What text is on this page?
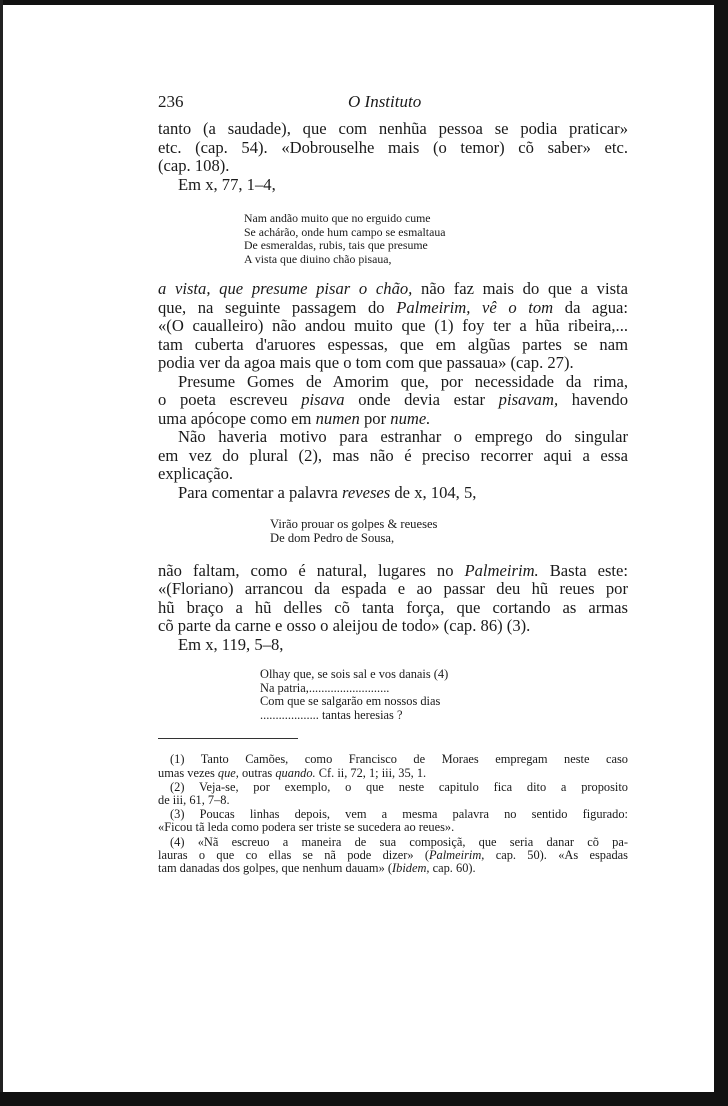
236	O Instituto

tanto (a saudade), que com nenhũa pessoa se podia praticar»

etc. (cap. 54). «Dobrouselhe mais (o temor) cõ saber» etc.

(cap. 108).

Em x, 77, 1–4,

Nam andão muito que no erguido cume
Se achárão, onde hum campo se esmaltaua
De esmeraldas, rubis, tais que presume
A vista que diuino chão pisaua,

a vista, que presume pisar o chão, não faz mais do que a vista

que, na seguinte passagem do Palmeirim, vê o tom da agua:

«(O caualleiro) não andou muito que (1) foy ter a hũa ribeira,...

tam cuberta d'aruores espessas, que em algũas partes se nam

podia ver da agoa mais que o tom com que passaua» (cap. 27).

Presume Gomes de Amorim que, por necessidade da rima,

o poeta escreveu pisava onde devia estar pisavam, havendo

uma apócope como em numen por nume.

Não haveria motivo para estranhar o emprego do singular

em vez do plural (2), mas não é preciso recorrer aqui a essa

explicação.

Para comentar a palavra reveses de x, 104, 5,

Virão prouar os golpes & reueses
De dom Pedro de Sousa,

não faltam, como é natural, lugares no Palmeirim. Basta este:

«(Floriano) arrancou da espada e ao passar deu hũ reues por

hũ braço a hũ delles cõ tanta força, que cortando as armas

cõ parte da carne e osso o aleijou de todo» (cap. 86) (3).

Em x, 119, 5–8,

Olhay que, se sois sal e vos danais (4)
Na patria,..........................
Com que se salgarão em nossos dias
................... tantas heresias ?

(1) Tanto Camões, como Francisco de Moraes empregam neste caso

umas vezes que, outras quando. Cf. ii, 72, 1; iii, 35, 1.

(2) Veja-se, por exemplo, o que neste capitulo fica dito a proposito

de iii, 61, 7–8.

(3) Poucas linhas depois, vem a mesma palavra no sentido figurado:

«Ficou tã leda como podera ser triste se sucedera ao reues».

(4) «Nã escreuo a maneira de sua composiçã, que seria danar cõ pa-

lauras o que co ellas se nã pode dizer» (Palmeirim, cap. 50). «As espadas

tam danadas dos golpes, que nenhum dauam» (Ibidem, cap. 60).
